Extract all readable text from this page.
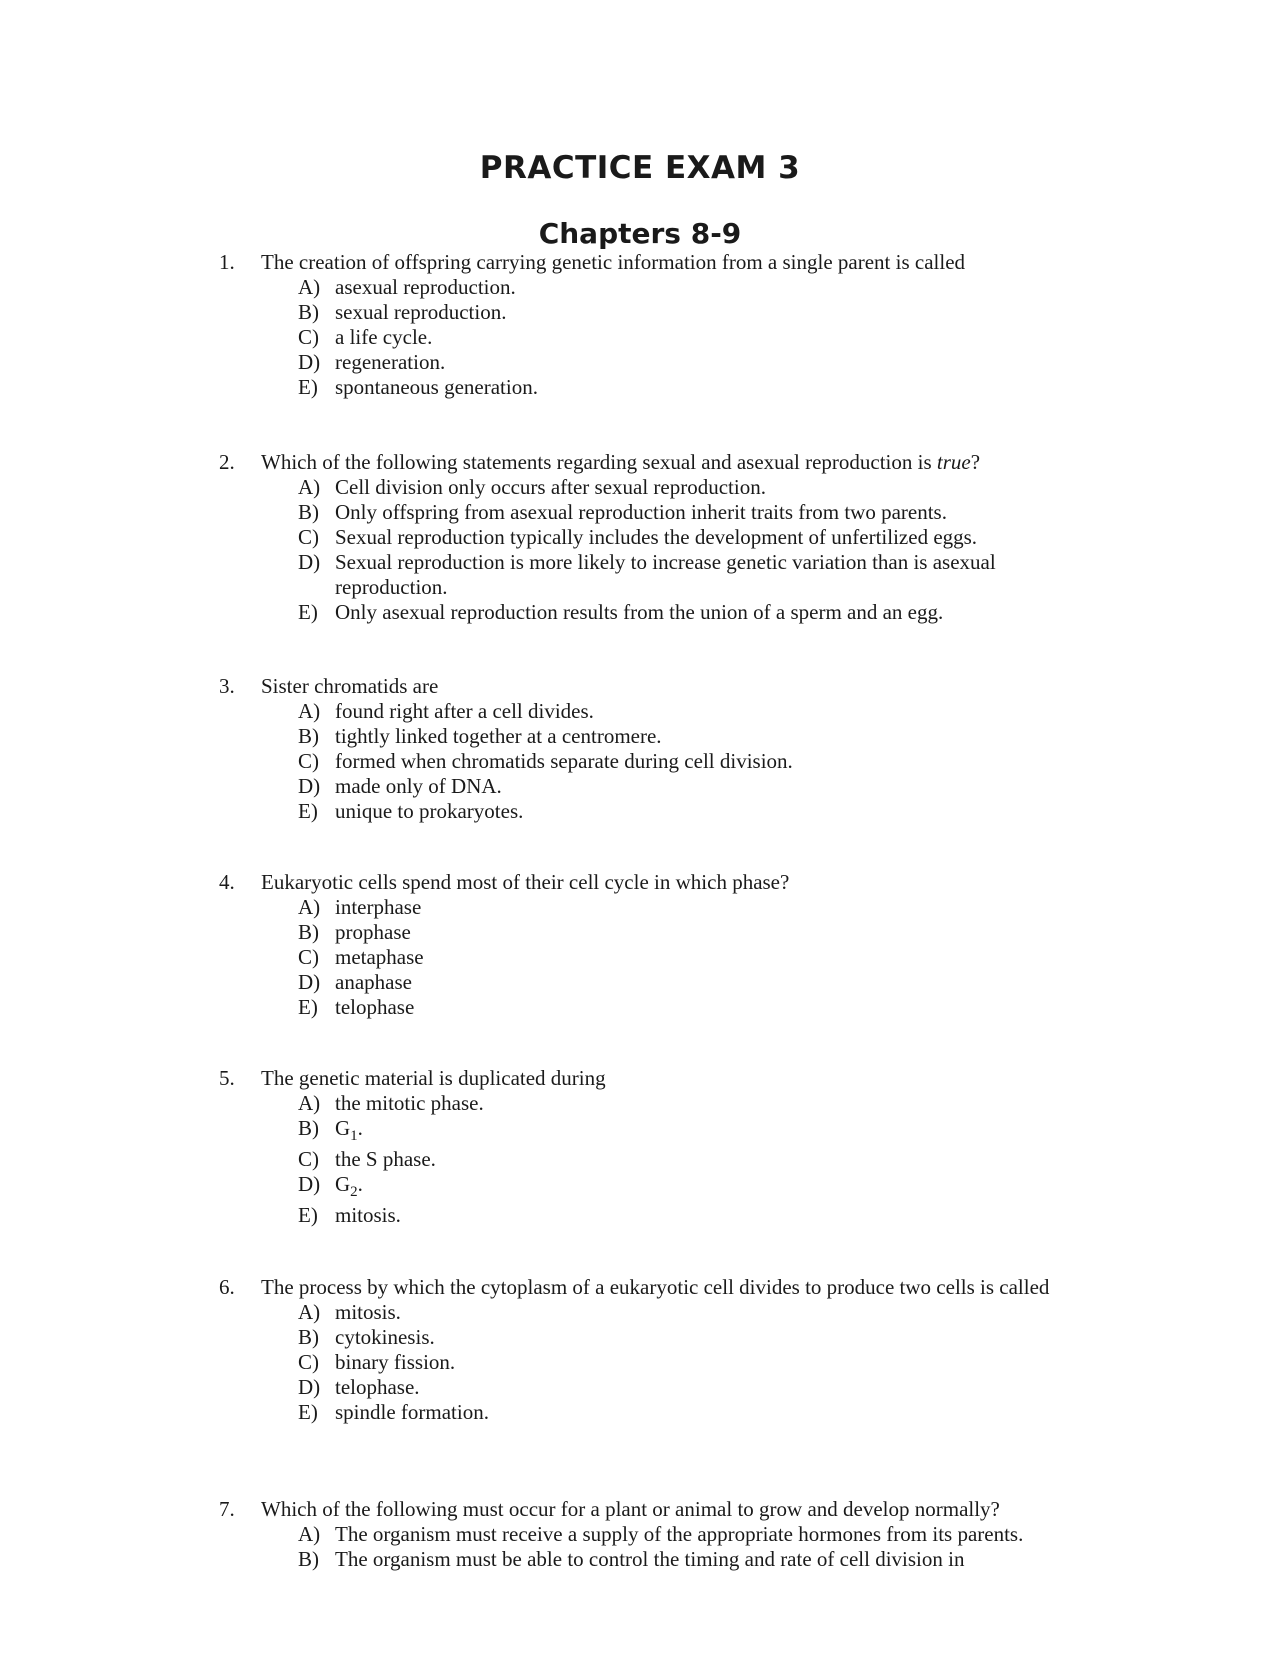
PRACTICE EXAM 3
Chapters 8-9
1.	The creation of offspring carrying genetic information from a single parent is called
A) asexual reproduction.
B) sexual reproduction.
C) a life cycle.
D) regeneration.
E) spontaneous generation.
2.	Which of the following statements regarding sexual and asexual reproduction is true?
A) Cell division only occurs after sexual reproduction.
B) Only offspring from asexual reproduction inherit traits from two parents.
C) Sexual reproduction typically includes the development of unfertilized eggs.
D) Sexual reproduction is more likely to increase genetic variation than is asexual reproduction.
E) Only asexual reproduction results from the union of a sperm and an egg.
3.	Sister chromatids are
A) found right after a cell divides.
B) tightly linked together at a centromere.
C) formed when chromatids separate during cell division.
D) made only of DNA.
E) unique to prokaryotes.
4.	Eukaryotic cells spend most of their cell cycle in which phase?
A) interphase
B) prophase
C) metaphase
D) anaphase
E) telophase
5.	The genetic material is duplicated during
A) the mitotic phase.
B) $G_1$.
C) the S phase.
D) $G_2$.
E) mitosis.
6.	The process by which the cytoplasm of a eukaryotic cell divides to produce two cells is called
A) mitosis.
B) cytokinesis.
C) binary fission.
D) telophase.
E) spindle formation.
7.	Which of the following must occur for a plant or animal to grow and develop normally?
A) The organism must receive a supply of the appropriate hormones from its parents.
B) The organism must be able to control the timing and rate of cell division in
